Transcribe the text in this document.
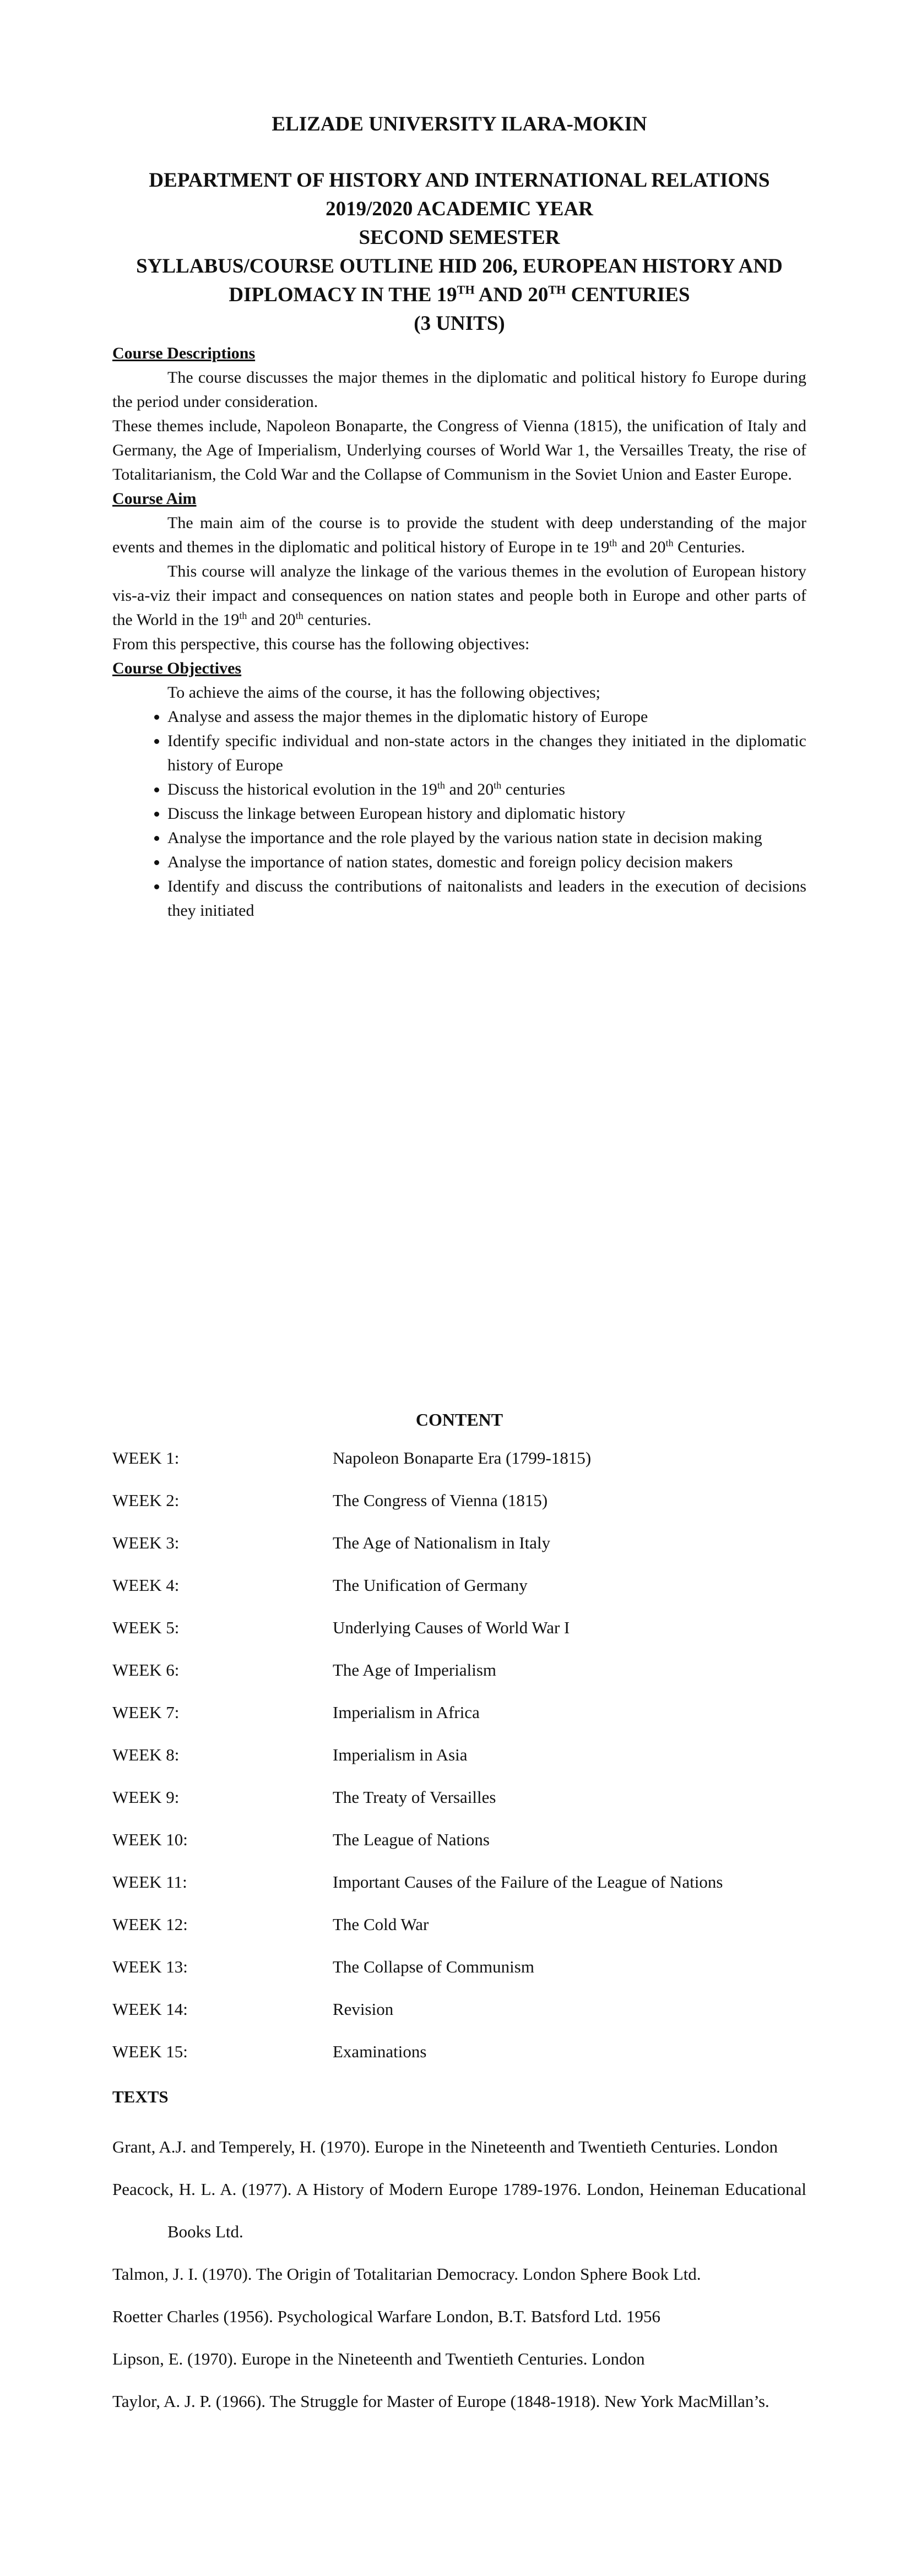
ELIZADE UNIVERSITY ILARA-MOKIN

DEPARTMENT OF HISTORY AND INTERNATIONAL RELATIONS

2019/2020 ACADEMIC YEAR

SECOND SEMESTER

SYLLABUS/COURSE OUTLINE HID 206, EUROPEAN HISTORY AND

DIPLOMACY IN THE 19TH AND 20TH CENTURIES

(3 UNITS)

Course Descriptions

The course discusses the major themes in the diplomatic and political history fo Europe during the period under consideration.

These themes include, Napoleon Bonaparte, the Congress of Vienna (1815), the unification of Italy and Germany, the Age of Imperialism, Underlying courses of World War 1, the Versailles Treaty, the rise of Totalitarianism, the Cold War and the Collapse of Communism in the Soviet Union and Easter Europe.

Course Aim

The main aim of the course is to provide the student with deep understanding of the major events and themes in the diplomatic and political history of Europe in te 19th and 20th Centuries.

This course will analyze the linkage of the various themes in the evolution of European history vis-a-viz their impact and consequences on nation states and people both in Europe and other parts of the World in the 19th and 20th centuries.

From this perspective, this course has the following objectives:

Course Objectives

To achieve the aims of the course, it has the following objectives;

• Analyse and assess the major themes in the diplomatic history of Europe
• Identify specific individual and non-state actors in the changes they initiated in the diplomatic history of Europe
• Discuss the historical evolution in the 19th and 20th centuries
• Discuss the linkage between European history and diplomatic history
• Analyse the importance and the role played by the various nation state in decision making
• Analyse the importance of nation states, domestic and foreign policy decision makers
• Identify and discuss the contributions of naitonalists and leaders in the execution of decisions they initiated
CONTENT
WEEK 1:	Napoleon Bonaparte Era (1799-1815)
WEEK 2:	The Congress of Vienna (1815)
WEEK 3:	The Age of Nationalism in Italy
WEEK 4:	The Unification of Germany
WEEK 5:	Underlying Causes of World War I
WEEK 6:	The Age of Imperialism
WEEK 7:	Imperialism in Africa
WEEK 8:	Imperialism in Asia
WEEK 9:	The Treaty of Versailles
WEEK 10:	The League of Nations
WEEK 11:	Important Causes of the Failure of the League of Nations
WEEK 12:	The Cold War
WEEK 13:	The Collapse of Communism
WEEK 14:	Revision
WEEK 15:	Examinations
TEXTS

Grant, A.J. and Temperely, H. (1970). Europe in the Nineteenth and Twentieth Centuries. London

Peacock, H. L. A. (1977). A History of Modern Europe 1789-1976. London, Heineman Educational Books Ltd.

Talmon, J. I. (1970). The Origin of Totalitarian Democracy. London Sphere Book Ltd.

Roetter Charles (1956). Psychological Warfare London, B.T. Batsford Ltd. 1956

Lipson, E. (1970). Europe in the Nineteenth and Twentieth Centuries. London

Taylor, A. J. P. (1966). The Struggle for Master of Europe (1848-1918). New York MacMillan’s.
